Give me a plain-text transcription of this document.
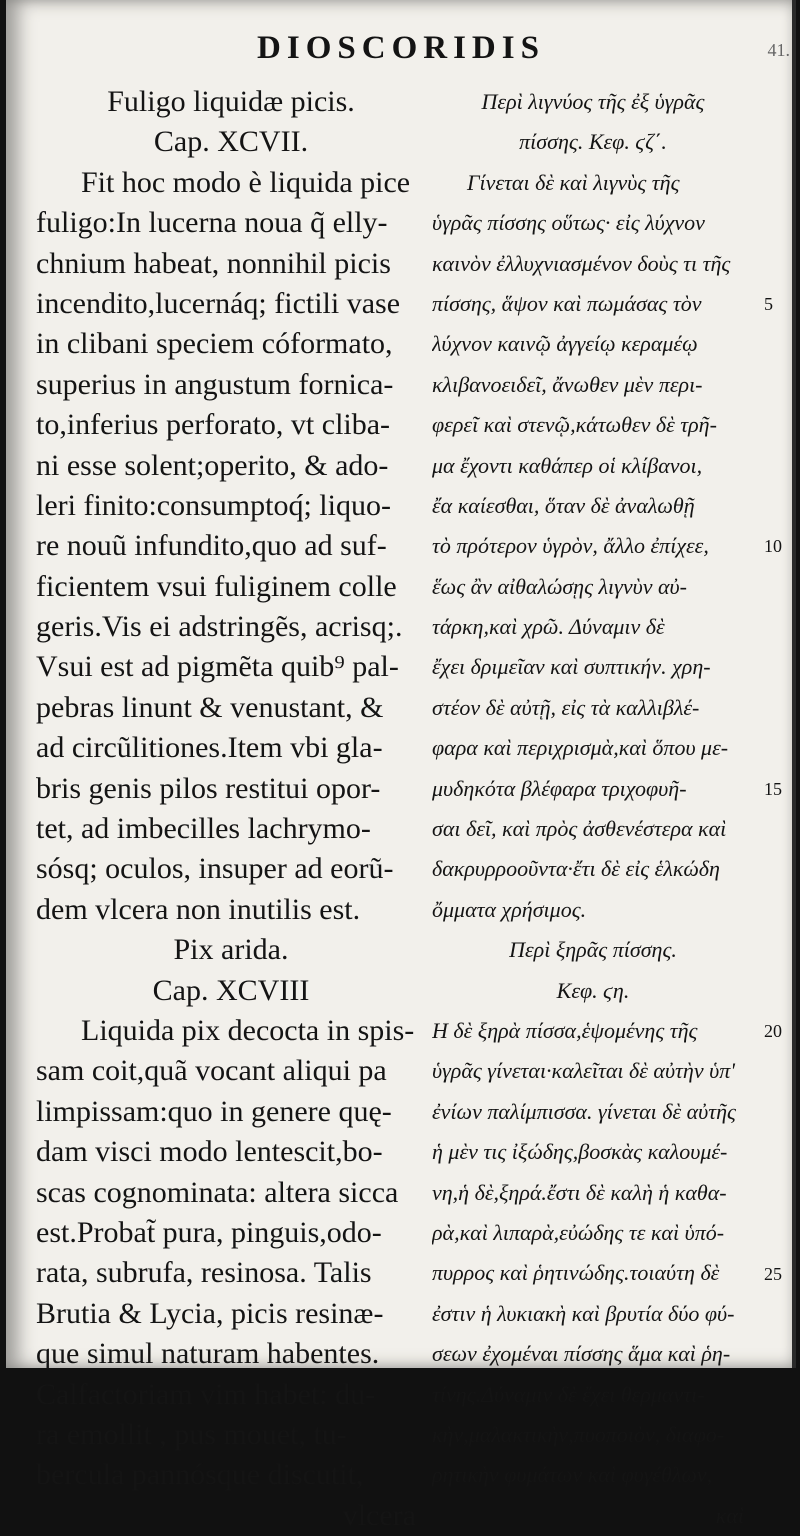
DIOSCORIDIS	41.
Fuligo liquidæ picis.
Cap. XCVII.
Fit hoc modo è liquida pice
fuligo:In lucerna noua q̃ elly-
chnium habeat, nonnihil picis
incendito,lucernáq; fictili vase
in clibani speciem cóformato,
superius in angustum fornica-
to,inferius perforato, vt cliba-
ni esse solent;operito, & ado-
leri finito:consumptoq́; liquo-
re nouũ infundito,quo ad suf-
ficientem vsui fuliginem colle
geris.Vis ei adstringẽs, acrisq;.
Vsui est ad pigmẽta quib⁹ pal-
pebras linunt & venustant, &
ad circũlitiones.Item vbi gla-
bris genis pilos restitui opor-
tet, ad imbecilles lachrymo-
sósq; oculos, insuper ad eorũ-
dem vlcera non inutilis est.
Pix arida.
Cap. XCVIII
Liquida pix decocta in spis-
sam coit,quã vocant aliqui pa
limpissam:quo in genere quę-
dam visci modo lentescit,bo-
scas cognominata: altera sicca
est.Probat̃ pura, pinguis,odo-
rata, subrufa, resinosa. Talis
Brutia & Lycia, picis resinæ-
que simul naturam habentes.
Calfactoriam vim habet: du-
ra emollit , pus mouet, tu-
bercula pannósque discutit,
vlcera
Περὶ λιγνύος τῆς ἐξ ὑγρᾶς
πίσσης. Κεφ. ϛζ΄.
Γίνεται δὲ καὶ λιγνὺς τῆς
ὑγρᾶς πίσσης οὕτως· εἰς λύχνον
καινὸν ἐλλυχνιασμένον δοὺς τι τῆς
πίσσης, ἅψον καὶ πωμάσας τὸν
λύχνον καινῷ ἀγγείῳ κεραμέῳ
κλιβανοειδεῖ, ἄνωθεν μὲν περι-
φερεῖ καὶ στενῷ,κάτωθεν δὲ τρῆ-
μα ἔχοντι καθάπερ οἱ κλίβανοι,
ἔα καίεσθαι, ὅταν δὲ ἀναλωθῇ
τὸ πρότερον ὑγρὸν, ἄλλο ἐπίχεε,
ἕως ἂν αἰθαλώσῃς λιγνὺν αὐ-
τάρκη,καὶ χρῶ. Δύναμιν δὲ
ἔχει δριμεῖαν καὶ συπτικήν. χρη-
στέον δὲ αὐτῇ, εἰς τὰ καλλιβλέ-
φαρα καὶ περιχρισμὰ,καὶ ὅπου με-
μυδηκότα βλέφαρα τριχοφυῆ-
σαι δεῖ, καὶ πρὸς ἀσθενέστερα καὶ
δακρυρροοῦντα·ἔτι δὲ εἰς ἑλκώδη
ὄμματα χρήσιμος.
Περὶ ξηρᾶς πίσσης.
Κεφ. ϛη.
Η δὲ ξηρὰ πίσσα,ἑψομένης τῆς
ὑγρᾶς γίνεται·καλεῖται δὲ αὐτὴν ὑπ'
ἐνίων παλίμπισσα. γίνεται δὲ αὐτῆς
ἡ μὲν τις ἰξώδης,βοσκὰς καλουμέ-
νη,ἡ δὲ,ξηρά.ἔστι δὲ καλὴ ἡ καθα-
ρὰ,καὶ λιπαρὰ,εὐώδης τε καὶ ὑπό-
πυρρος καὶ ῥητινώδης.τοιαύτη δὲ
ἐστιν ἡ λυκιακὴ καὶ βρυτία δύο φύ-
σεων ἐχομέναι πίσσης ἅμα καὶ ῥη-
τίνης.Δύναμιν δὲ ἔχει θερμαντι-
κὴν,μαλακτικὴν,πυοποιὸν, διαφο-
ρητικὴν φυμάτων καὶ φυγέθλων,
καὶ
5
10
15
20
25
